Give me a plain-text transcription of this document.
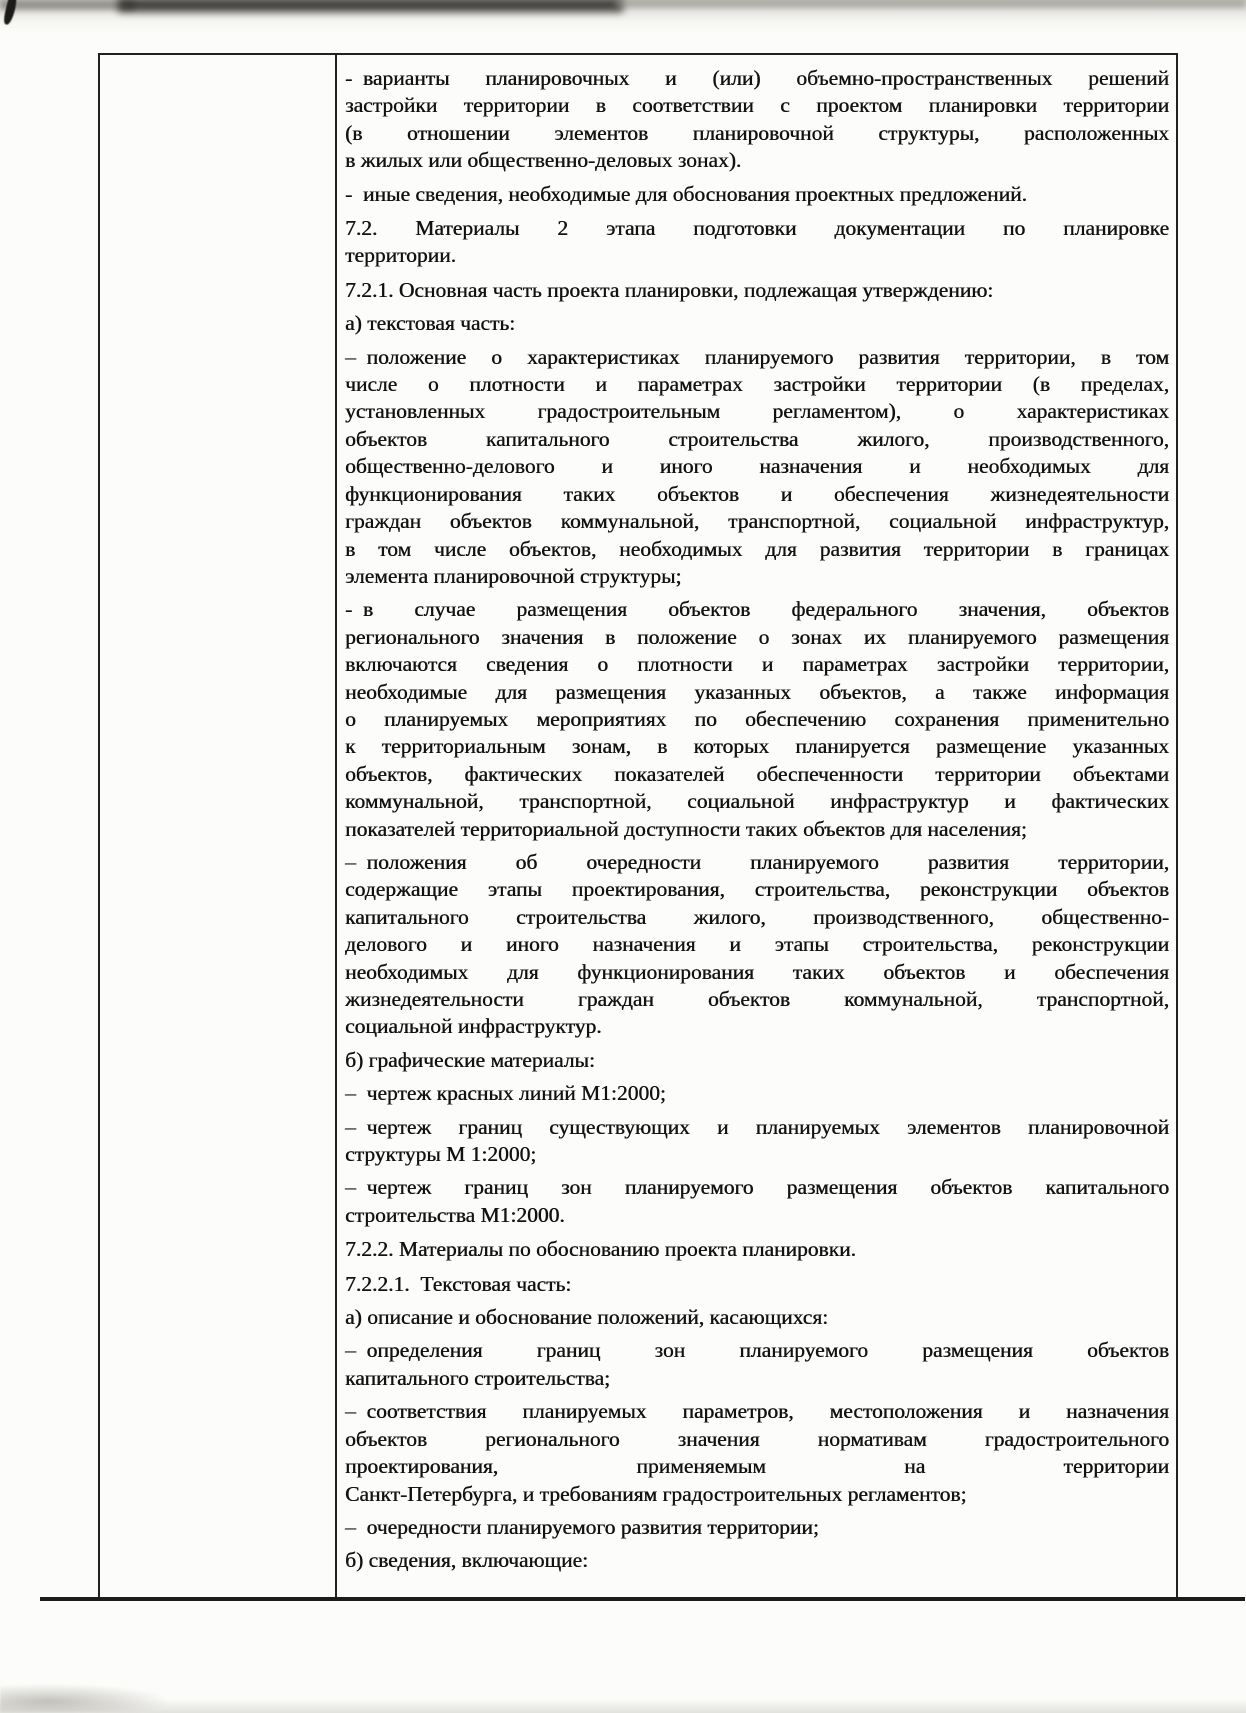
- варианты планировочных и (или) объемно-пространственных решений
застройки территории в соответствии с проектом планировки территории
(в отношении элементов планировочной структуры, расположенных
в жилых или общественно-деловых зонах).
- иные сведения, необходимые для обоснования проектных предложений.
7.2. Материалы 2 этапа подготовки документации по планировке
территории.
7.2.1. Основная часть проекта планировки, подлежащая утверждению:
а) текстовая часть:
– положение о характеристиках планируемого развития территории, в том
числе о плотности и параметрах застройки территории (в пределах,
установленных градостроительным регламентом), о характеристиках
объектов капитального строительства жилого, производственного,
общественно-делового и иного назначения и необходимых для
функционирования таких объектов и обеспечения жизнедеятельности
граждан объектов коммунальной, транспортной, социальной инфраструктур,
в том числе объектов, необходимых для развития территории в границах
элемента планировочной структуры;
- в случае размещения объектов федерального значения, объектов
регионального значения в положение о зонах их планируемого размещения
включаются сведения о плотности и параметрах застройки территории,
необходимые для размещения указанных объектов, а также информация
о планируемых мероприятиях по обеспечению сохранения применительно
к территориальным зонам, в которых планируется размещение указанных
объектов, фактических показателей обеспеченности территории объектами
коммунальной, транспортной, социальной инфраструктур и фактических
показателей территориальной доступности таких объектов для населения;
– положения об очередности планируемого развития территории,
содержащие этапы проектирования, строительства, реконструкции объектов
капитального строительства жилого, производственного, общественно-
делового и иного назначения и этапы строительства, реконструкции
необходимых для функционирования таких объектов и обеспечения
жизнедеятельности граждан объектов коммунальной, транспортной,
социальной инфраструктур.
б) графические материалы:
– чертеж красных линий М1:2000;
– чертеж границ существующих и планируемых элементов планировочной
структуры М 1:2000;
– чертеж границ зон планируемого размещения объектов капитального
строительства М1:2000.
7.2.2. Материалы по обоснованию проекта планировки.
7.2.2.1. Текстовая часть:
а) описание и обоснование положений, касающихся:
– определения границ зон планируемого размещения объектов
капитального строительства;
– соответствия планируемых параметров, местоположения и назначения
объектов регионального значения нормативам градостроительного
проектирования, применяемым на территории
Санкт-Петербурга, и требованиям градостроительных регламентов;
– очередности планируемого развития территории;
б) сведения, включающие:
